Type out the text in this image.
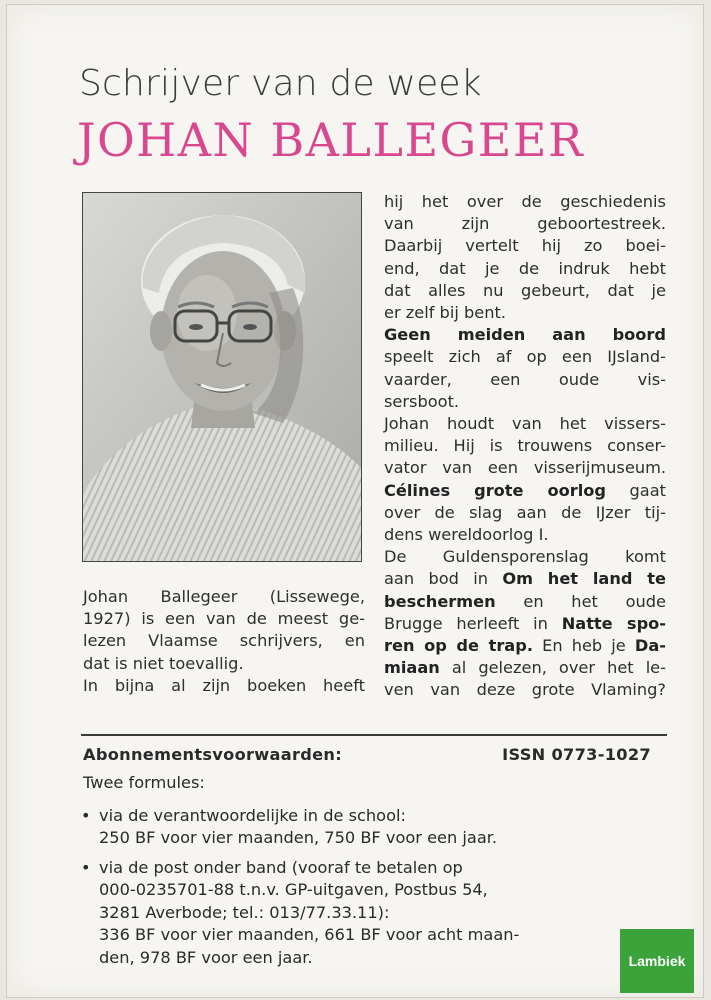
Schrijver van de week
JOHAN BALLEGEER

Johan Ballegeer (Lissewege,

1927) is een van de meest ge-

lezen Vlaamse schrijvers, en

dat is niet toevallig.

In bijna al zijn boeken heeft

hij het over de geschiedenis

van zijn geboortestreek.

Daarbij vertelt hij zo boei-

end, dat je de indruk hebt

dat alles nu gebeurt, dat je

er zelf bij bent.

Geen meiden aan boord

speelt zich af op een IJsland-

vaarder, een oude vis-

sersboot.

Johan houdt van het vissers-

milieu. Hij is trouwens conser-

vator van een visserijmuseum.

Célines grote oorlog gaat

over de slag aan de IJzer tij-

dens wereldoorlog I.

De Guldensporenslag komt

aan bod in Om het land te

beschermen en het oude

Brugge herleeft in Natte spo-

ren op de trap. En heb je Da-

miaan al gelezen, over het le-

ven van deze grote Vlaming?

Abonnementsvoorwaarden:	ISSN 0773-1027
Twee formules:
• via de verantwoordelijke in de school:
250 BF voor vier maanden, 750 BF voor een jaar.
• via de post onder band (vooraf te betalen op
000-0235701-88 t.n.v. GP-uitgaven, Postbus 54,
3281 Averbode; tel.: 013/77.33.11):
336 BF voor vier maanden, 661 BF voor acht maan-
den, 978 BF voor een jaar.	Lambiek
